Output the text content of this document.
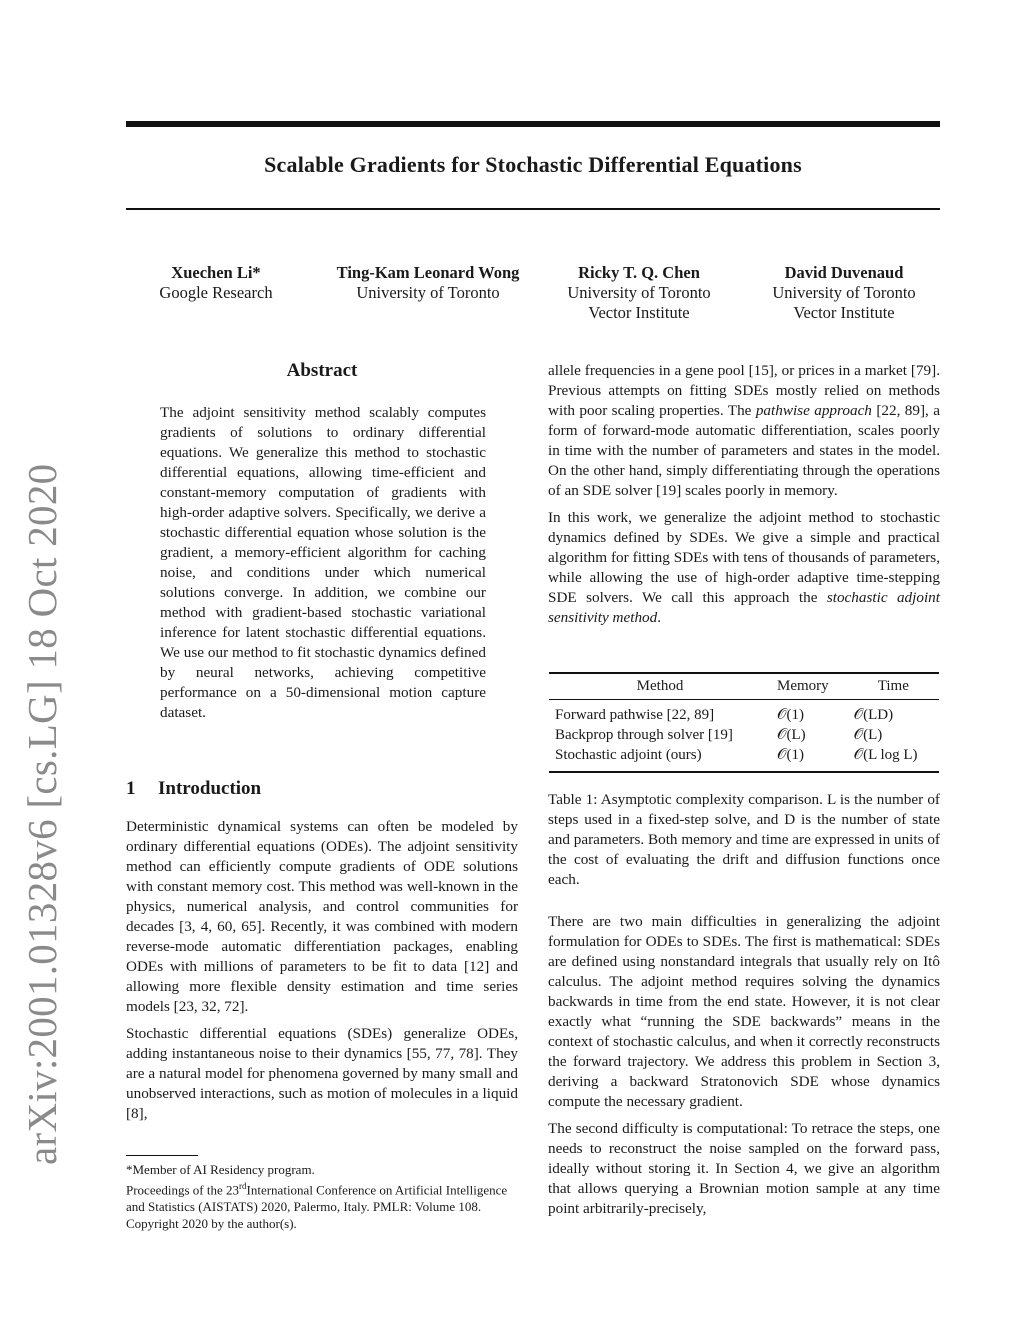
arXiv:2001.01328v6 [cs.LG] 18 Oct 2020
Scalable Gradients for Stochastic Differential Equations
Xuechen Li*
Google Research
Ting-Kam Leonard Wong
University of Toronto
Ricky T. Q. Chen
University of Toronto
Vector Institute
David Duvenaud
University of Toronto
Vector Institute
Abstract

The adjoint sensitivity method scalably computes gradients of solutions to ordinary differential equations. We generalize this method to stochastic differential equations, allowing time-efficient and constant-memory computation of gradients with high-order adaptive solvers. Specifically, we derive a stochastic differential equation whose solution is the gradient, a memory-efficient algorithm for caching noise, and conditions under which numerical solutions converge. In addition, we combine our method with gradient-based stochastic variational inference for latent stochastic differential equations. We use our method to fit stochastic dynamics defined by neural networks, achieving competitive performance on a 50-dimensional motion capture dataset.

1 Introduction

Deterministic dynamical systems can often be modeled by ordinary differential equations (ODEs). The adjoint sensitivity method can efficiently compute gradients of ODE solutions with constant memory cost. This method was well-known in the physics, numerical analysis, and control communities for decades [3, 4, 60, 65]. Recently, it was combined with modern reverse-mode automatic differentiation packages, enabling ODEs with millions of parameters to be fit to data [12] and allowing more flexible density estimation and time series models [23, 32, 72].

Stochastic differential equations (SDEs) generalize ODEs, adding instantaneous noise to their dynamics [55, 77, 78]. They are a natural model for phenomena governed by many small and unobserved interactions, such as motion of molecules in a liquid [8],

*Member of AI Residency program.
Proceedings of the 23rdInternational Conference on Artificial Intelligence and Statistics (AISTATS) 2020, Palermo, Italy. PMLR: Volume 108. Copyright 2020 by the author(s).

allele frequencies in a gene pool [15], or prices in a market [79]. Previous attempts on fitting SDEs mostly relied on methods with poor scaling properties. The pathwise approach [22, 89], a form of forward-mode automatic differentiation, scales poorly in time with the number of parameters and states in the model. On the other hand, simply differentiating through the operations of an SDE solver [19] scales poorly in memory.

In this work, we generalize the adjoint method to stochastic dynamics defined by SDEs. We give a simple and practical algorithm for fitting SDEs with tens of thousands of parameters, while allowing the use of high-order adaptive time-stepping SDE solvers. We call this approach the stochastic adjoint sensitivity method.

Method	Memory	Time
Forward pathwise [22, 89]	𝒪(1)	𝒪(LD)
Backprop through solver [19]	𝒪(L)	𝒪(L)
Stochastic adjoint (ours)	𝒪(1)	𝒪(L log L)

Table 1: Asymptotic complexity comparison. L is the number of steps used in a fixed-step solve, and D is the number of state and parameters. Both memory and time are expressed in units of the cost of evaluating the drift and diffusion functions once each.

There are two main difficulties in generalizing the adjoint formulation for ODEs to SDEs. The first is mathematical: SDEs are defined using nonstandard integrals that usually rely on Itô calculus. The adjoint method requires solving the dynamics backwards in time from the end state. However, it is not clear exactly what “running the SDE backwards” means in the context of stochastic calculus, and when it correctly reconstructs the forward trajectory. We address this problem in Section 3, deriving a backward Stratonovich SDE whose dynamics compute the necessary gradient.

The second difficulty is computational: To retrace the steps, one needs to reconstruct the noise sampled on the forward pass, ideally without storing it. In Section 4, we give an algorithm that allows querying a Brownian motion sample at any time point arbitrarily-precisely,
